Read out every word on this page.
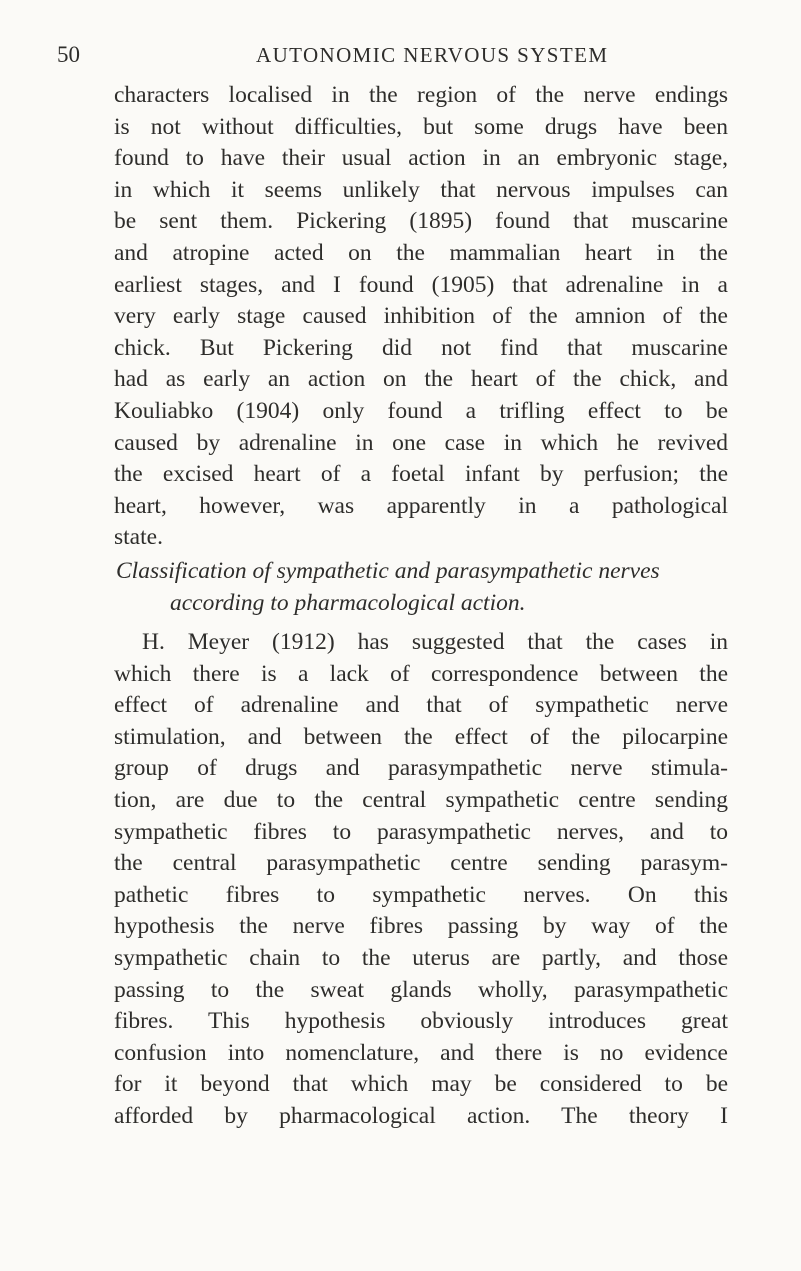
50	AUTONOMIC NERVOUS SYSTEM
characters localised in the region of the nerve endings
is not without difficulties, but some drugs have been
found to have their usual action in an embryonic stage,
in which it seems unlikely that nervous impulses can
be sent them. Pickering (1895) found that muscarine
and atropine acted on the mammalian heart in the
earliest stages, and I found (1905) that adrenaline in a
very early stage caused inhibition of the amnion of the
chick. But Pickering did not find that muscarine
had as early an action on the heart of the chick, and
Kouliabko (1904) only found a trifling effect to be
caused by adrenaline in one case in which he revived
the excised heart of a foetal infant by perfusion; the
heart, however, was apparently in a pathological
state.
Classification of sympathetic and parasympathetic nerves
according to pharmacological action.
H. Meyer (1912) has suggested that the cases in
which there is a lack of correspondence between the
effect of adrenaline and that of sympathetic nerve
stimulation, and between the effect of the pilocarpine
group of drugs and parasympathetic nerve stimula-
tion, are due to the central sympathetic centre sending
sympathetic fibres to parasympathetic nerves, and to
the central parasympathetic centre sending parasym-
pathetic fibres to sympathetic nerves. On this
hypothesis the nerve fibres passing by way of the
sympathetic chain to the uterus are partly, and those
passing to the sweat glands wholly, parasympathetic
fibres. This hypothesis obviously introduces great
confusion into nomenclature, and there is no evidence
for it beyond that which may be considered to be
afforded by pharmacological action. The theory I
